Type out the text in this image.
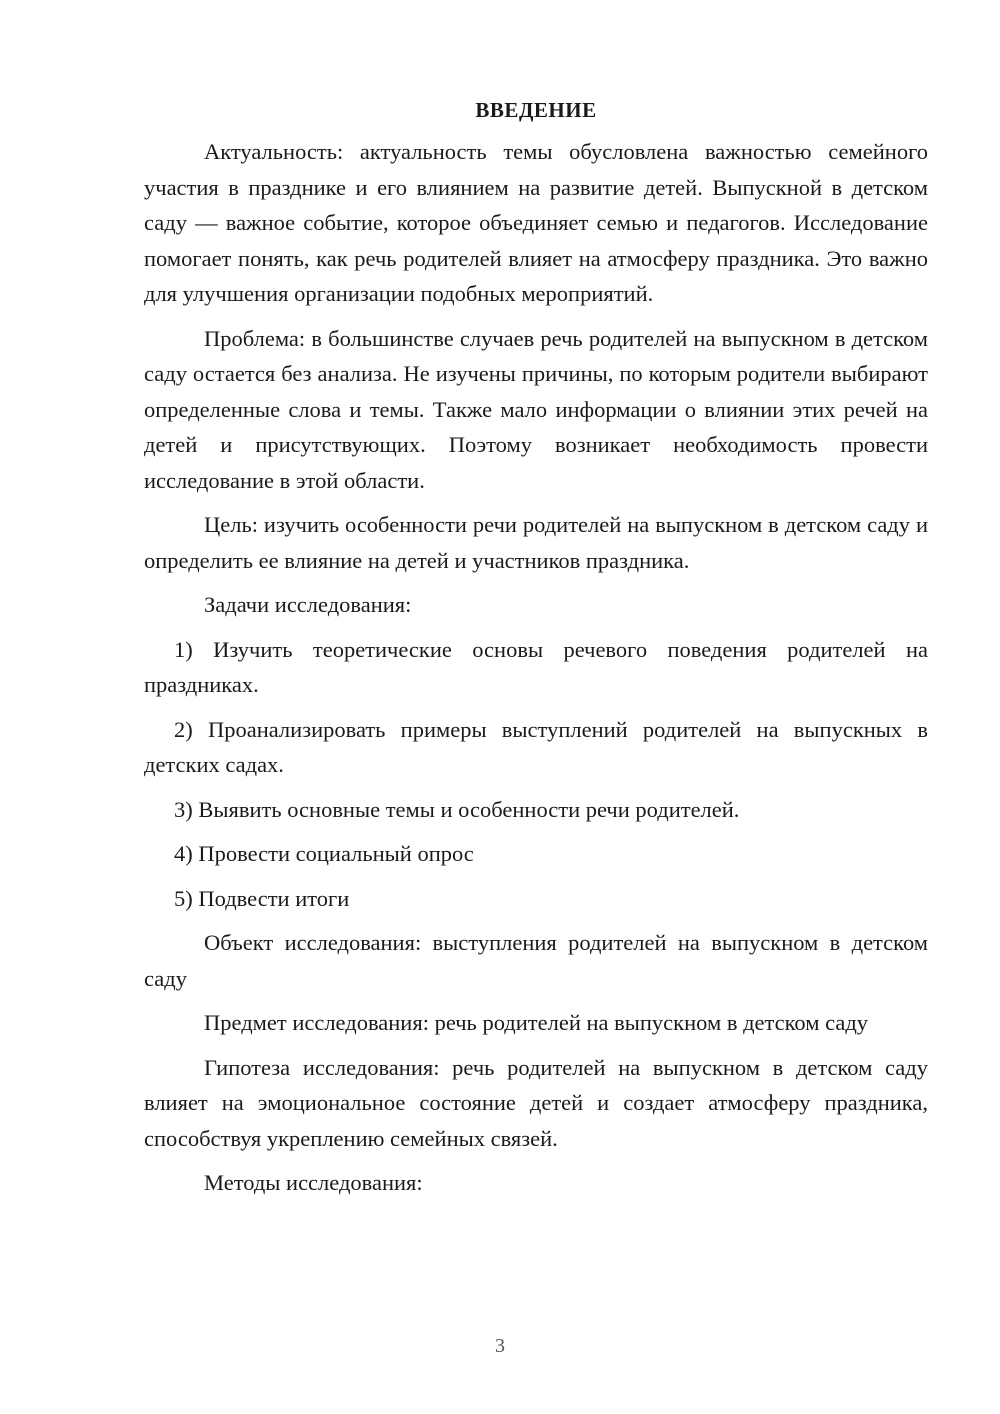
ВВЕДЕНИЕ

Актуальность: актуальность темы обусловлена важностью семейного участия в празднике и его влиянием на развитие детей. Выпускной в детском саду — важное событие, которое объединяет семью и педагогов. Исследование помогает понять, как речь родителей влияет на атмосферу праздника. Это важно для улучшения организации подобных мероприятий.

Проблема: в большинстве случаев речь родителей на выпускном в детском саду остается без анализа. Не изучены причины, по которым родители выбирают определенные слова и темы. Также мало информации о влиянии этих речей на детей и присутствующих. Поэтому возникает необходимость провести исследование в этой области.

Цель: изучить особенности речи родителей на выпускном в детском саду и определить ее влияние на детей и участников праздника.

Задачи исследования:

1) Изучить теоретические основы речевого поведения родителей на праздниках.

2) Проанализировать примеры выступлений родителей на выпускных в детских садах.

3) Выявить основные темы и особенности речи родителей.

4) Провести социальный опрос

5) Подвести итоги

Объект исследования: выступления родителей на выпускном в детском саду

Предмет исследования: речь родителей на выпускном в детском саду

Гипотеза исследования: речь родителей на выпускном в детском саду влияет на эмоциональное состояние детей и создает атмосферу праздника, способствуя укреплению семейных связей.

Методы исследования:

3
